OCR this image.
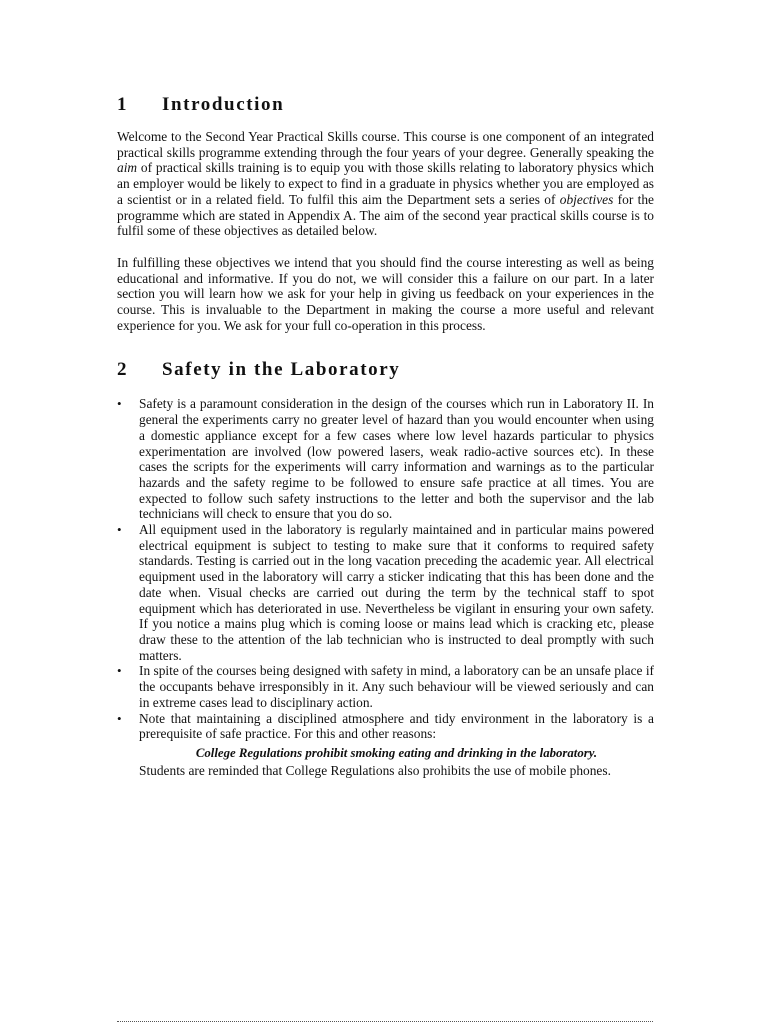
1	Introduction

Welcome to the Second Year Practical Skills course. This course is one component of an integrated practical skills programme extending through the four years of your degree. Generally speaking the aim of practical skills training is to equip you with those skills relating to laboratory physics which an employer would be likely to expect to find in a graduate in physics whether you are employed as a scientist or in a related field. To fulfil this aim the Department sets a series of objectives for the programme which are stated in Appendix A. The aim of the second year practical skills course is to fulfil some of these objectives as detailed below.

In fulfilling these objectives we intend that you should find the course interesting as well as being educational and informative. If you do not, we will consider this a failure on our part. In a later section you will learn how we ask for your help in giving us feedback on your experiences in the course. This is invaluable to the Department in making the course a more useful and relevant experience for you. We ask for your full co-operation in this process.

2	Safety in the Laboratory
• Safety is a paramount consideration in the design of the courses which run in Laboratory II. In general the experiments carry no greater level of hazard than you would encounter when using a domestic appliance except for a few cases where low level hazards particular to physics experimentation are involved (low powered lasers, weak radio-active sources etc). In these cases the scripts for the experiments will carry information and warnings as to the particular hazards and the safety regime to be followed to ensure safe practice at all times. You are expected to follow such safety instructions to the letter and both the supervisor and the lab technicians will check to ensure that you do so.
• All equipment used in the laboratory is regularly maintained and in particular mains powered electrical equipment is subject to testing to make sure that it conforms to required safety standards. Testing is carried out in the long vacation preceding the academic year. All electrical equipment used in the laboratory will carry a sticker indicating that this has been done and the date when. Visual checks are carried out during the term by the technical staff to spot equipment which has deteriorated in use. Nevertheless be vigilant in ensuring your own safety. If you notice a mains plug which is coming loose or mains lead which is cracking etc, please draw these to the attention of the lab technician who is instructed to deal promptly with such matters.
• In spite of the courses being designed with safety in mind, a laboratory can be an unsafe place if the occupants behave irresponsibly in it. Any such behaviour will be viewed seriously and can in extreme cases lead to disciplinary action.
• Note that maintaining a disciplined atmosphere and tidy environment in the laboratory is a prerequisite of safe practice. For this and other reasons:
College Regulations prohibit smoking eating and drinking in the laboratory.
Students are reminded that College Regulations also prohibits the use of mobile phones.
